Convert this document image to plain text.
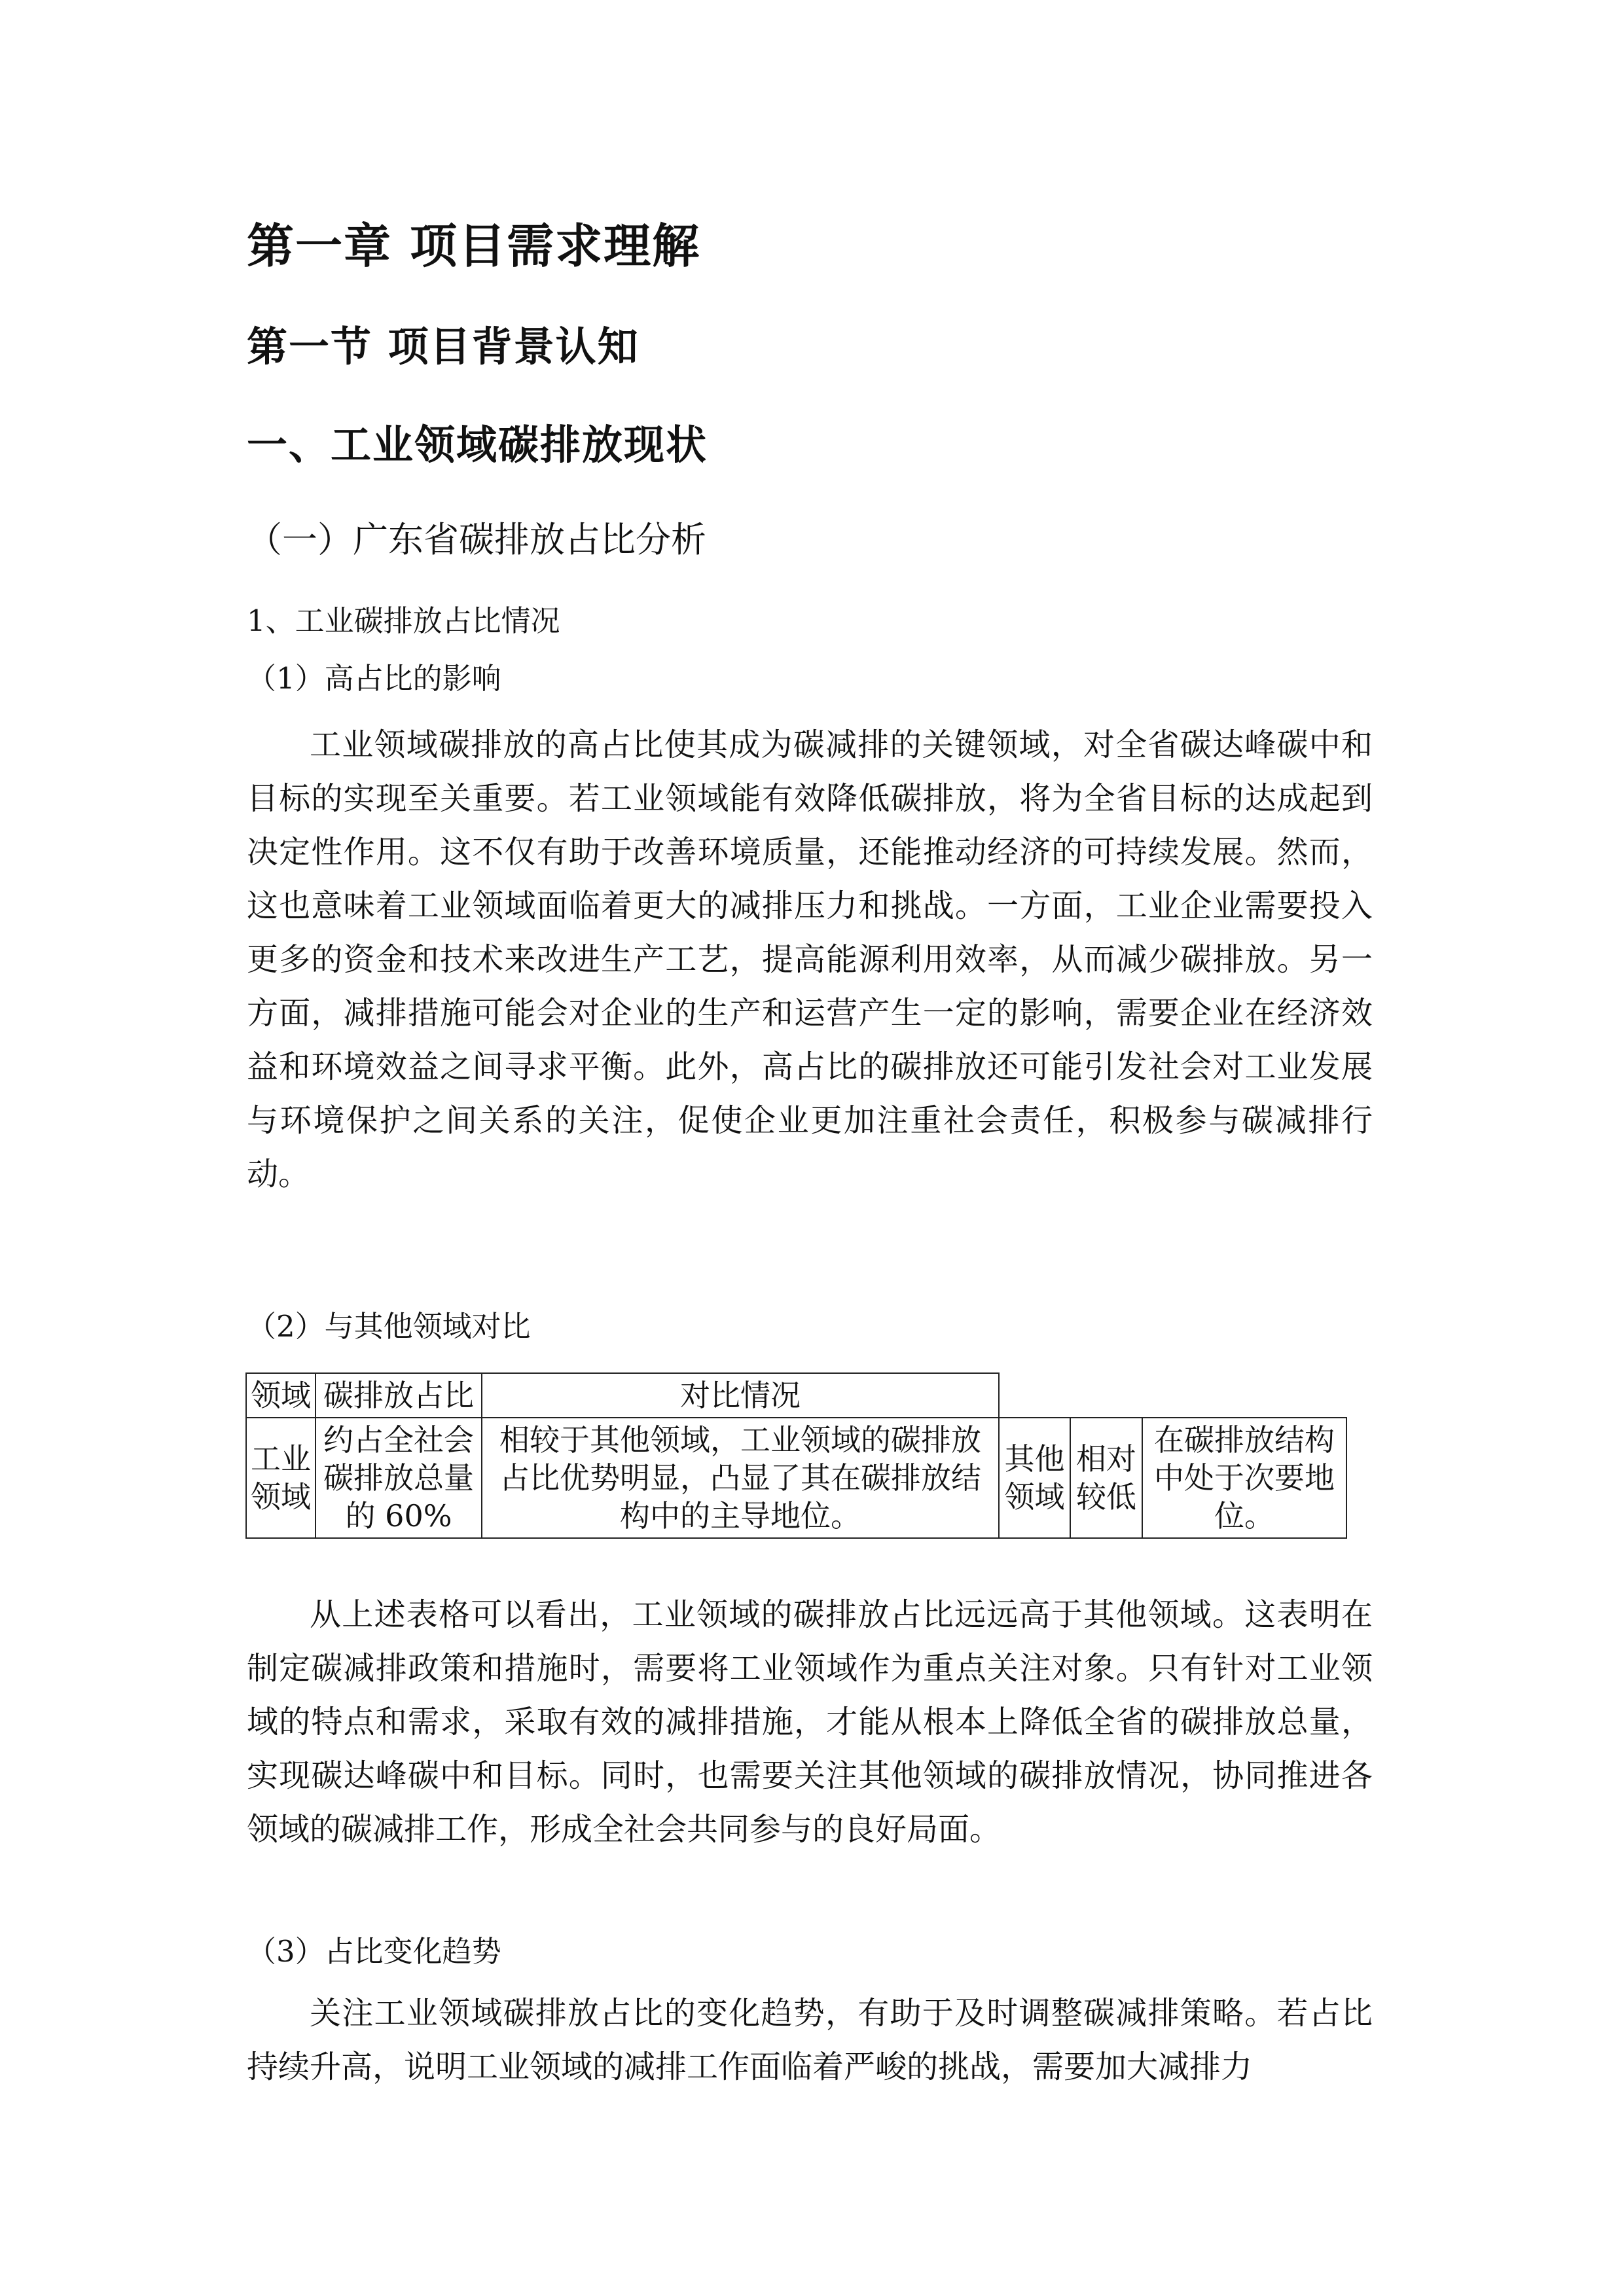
第一章 项目需求理解
第一节 项目背景认知
一、工业领域碳排放现状
（一）广东省碳排放占比分析
1、工业碳排放占比情况
（1）高占比的影响

工业领域碳排放的高占比使其成为碳减排的关键领域，对全省碳达峰碳中和目标的实现至关重要。若工业领域能有效降低碳排放，将为全省目标的达成起到决定性作用。这不仅有助于改善环境质量，还能推动经济的可持续发展。然而，这也意味着工业领域面临着更大的减排压力和挑战。一方面，工业企业需要投入更多的资金和技术来改进生产工艺，提高能源利用效率，从而减少碳排放。另一方面，减排措施可能会对企业的生产和运营产生一定的影响，需要企业在经济效益和环境效益之间寻求平衡。此外，高占比的碳排放还可能引发社会对工业发展与环境保护之间关系的关注，促使企业更加注重社会责任，积极参与碳减排行动。

（2）与其他领域对比
领域	碳排放占比	对比情况			
工业领域	约占全社会碳排放总量的 60%	相较于其他领域，工业领域的碳排放占比优势明显，凸显了其在碳排放结构中的主导地位。	其他领域	相对较低	在碳排放结构中处于次要地位。

从上述表格可以看出，工业领域的碳排放占比远远高于其他领域。这表明在制定碳减排政策和措施时，需要将工业领域作为重点关注对象。只有针对工业领域的特点和需求，采取有效的减排措施，才能从根本上降低全省的碳排放总量，实现碳达峰碳中和目标。同时，也需要关注其他领域的碳排放情况，协同推进各领域的碳减排工作，形成全社会共同参与的良好局面。

（3）占比变化趋势

关注工业领域碳排放占比的变化趋势，有助于及时调整碳减排策略。若占比持续升高，说明工业领域的减排工作面临着严峻的挑战，需要加大减排力
